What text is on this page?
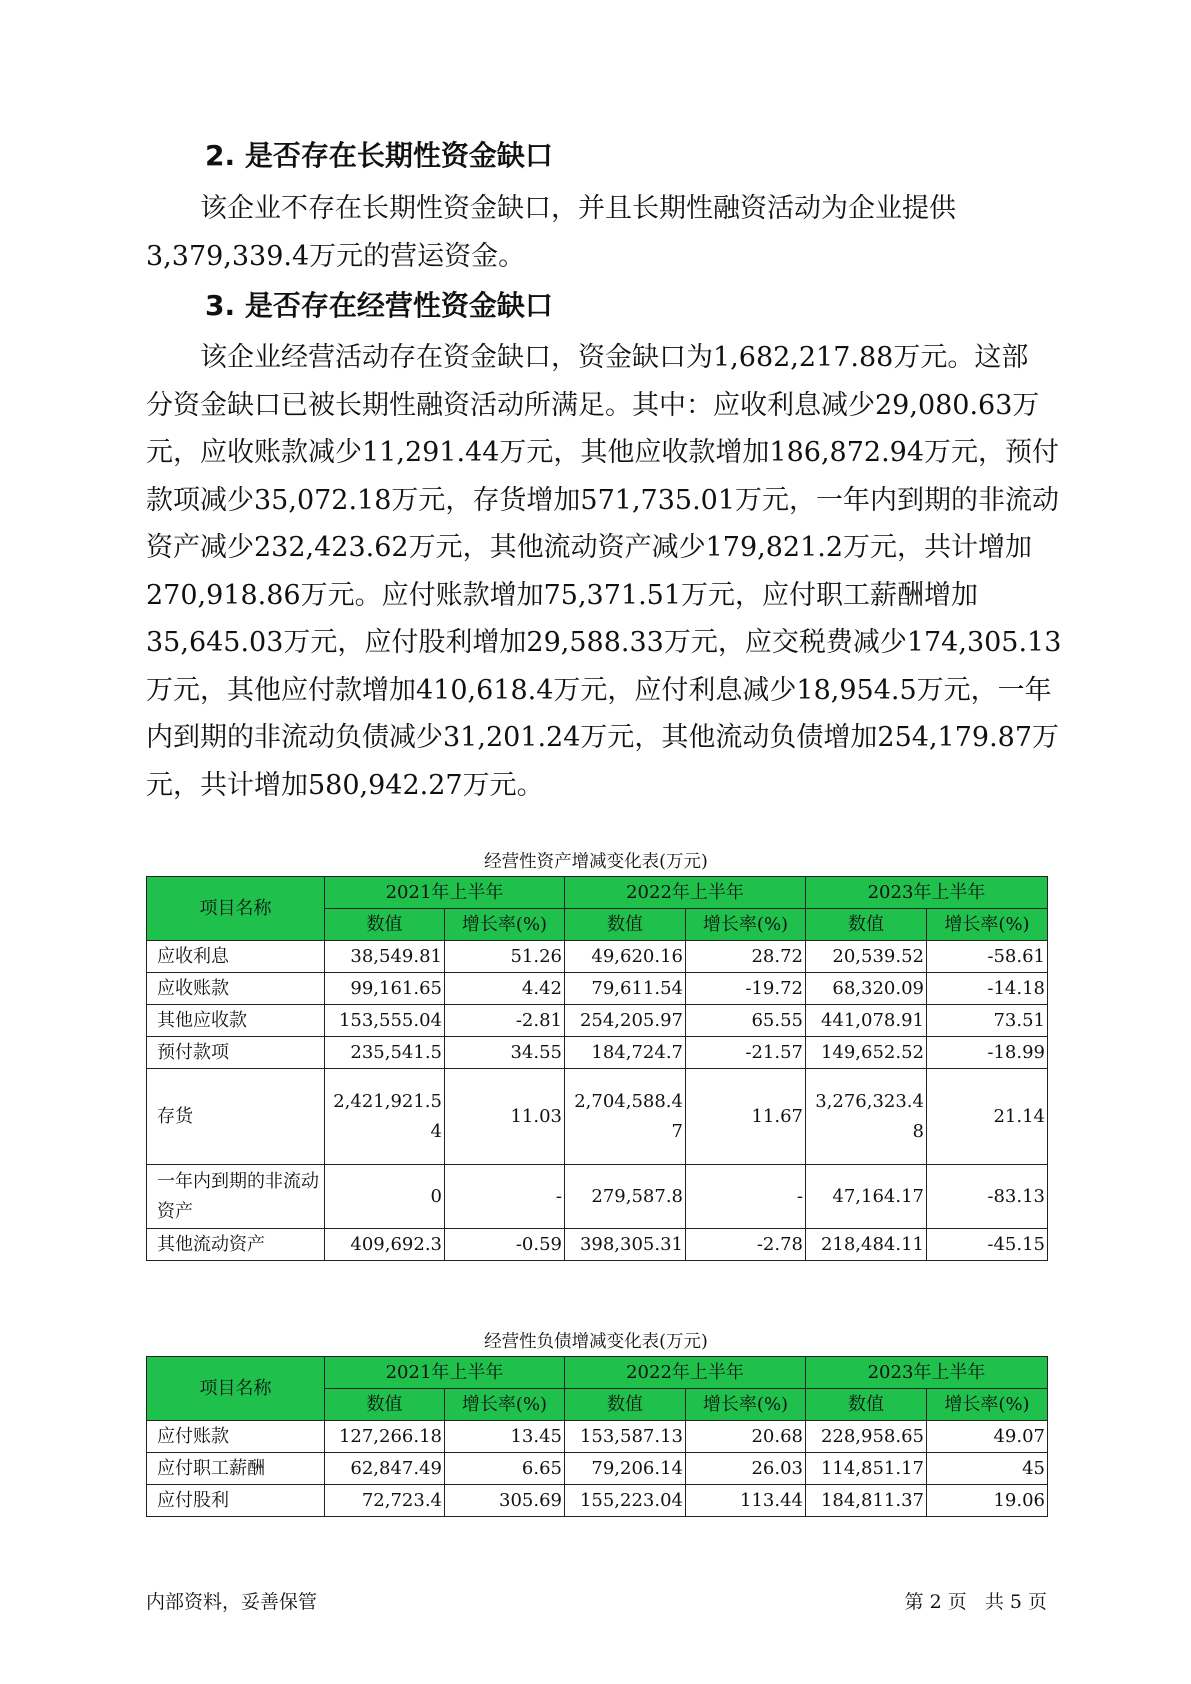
2. 是否存在长期性资金缺口

该企业不存在长期性资金缺口，并且长期性融资活动为企业提供
3,379,339.4万元的营运资金。

3. 是否存在经营性资金缺口

该企业经营活动存在资金缺口，资金缺口为1,682,217.88万元。这部
分资金缺口已被长期性融资活动所满足。其中：应收利息减少29,080.63万
元，应收账款减少11,291.44万元，其他应收款增加186,872.94万元，预付
款项减少35,072.18万元，存货增加571,735.01万元，一年内到期的非流动
资产减少232,423.62万元，其他流动资产减少179,821.2万元，共计增加
270,918.86万元。应付账款增加75,371.51万元，应付职工薪酬增加
35,645.03万元，应付股利增加29,588.33万元，应交税费减少174,305.13
万元，其他应付款增加410,618.4万元，应付利息减少18,954.5万元，一年
内到期的非流动负债减少31,201.24万元，其他流动负债增加254,179.87万
元，共计增加580,942.27万元。

经营性资产增减变化表(万元)
项目名称	2021年上半年		2022年上半年		2023年上半年	
	数值	增长率(%)	数值	增长率(%)	数值	增长率(%)
应收利息	38,549.81	51.26	49,620.16	28.72	20,539.52	-58.61
应收账款	99,161.65	4.42	79,611.54	-19.72	68,320.09	-14.18
其他应收款	153,555.04	-2.81	254,205.97	65.55	441,078.91	73.51
预付款项	235,541.5	34.55	184,724.7	-21.57	149,652.52	-18.99
存货	2,421,921.54	11.03	2,704,588.47	11.67	3,276,323.48	21.14
一年内到期的非流动资产	0	-	279,587.8	-	47,164.17	-83.13
其他流动资产	409,692.3	-0.59	398,305.31	-2.78	218,484.11	-45.15
经营性负债增减变化表(万元)
项目名称	2021年上半年		2022年上半年		2023年上半年	
	数值	增长率(%)	数值	增长率(%)	数值	增长率(%)
应付账款	127,266.18	13.45	153,587.13	20.68	228,958.65	49.07
应付职工薪酬	62,847.49	6.65	79,206.14	26.03	114,851.17	45
应付股利	72,723.4	305.69	155,223.04	113.44	184,811.37	19.06
内部资料，妥善保管	第 2 页   共 5 页
